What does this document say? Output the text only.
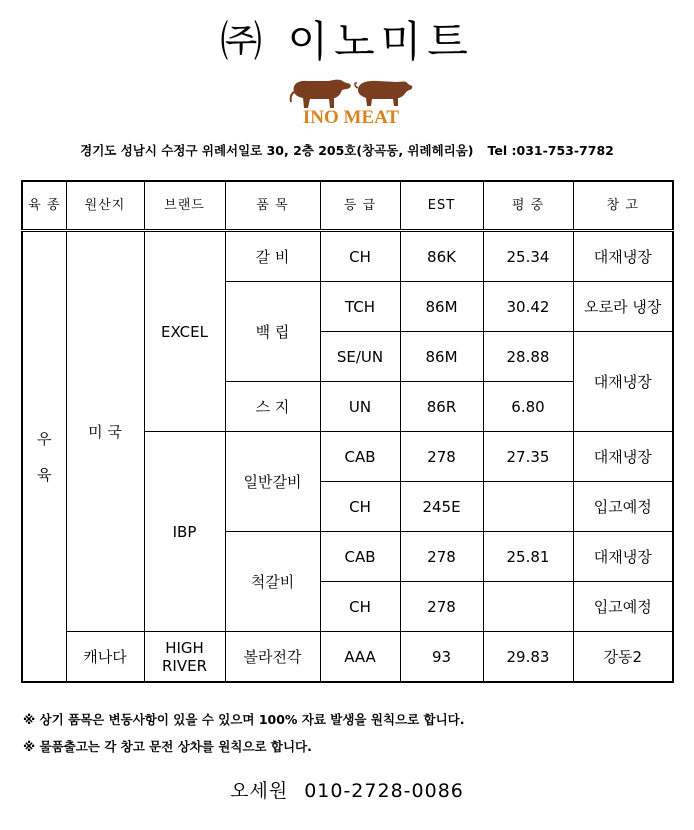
㈜ 이노미트
INO MEAT
경기도 성남시 수정구 위례서일로 30, 2층 205호(창곡동, 위례헤리움) Tel :031-753-7782
육 종	원산지	브랜드	품 목	등 급	EST	평 중	창 고
우

육	미 국	EXCEL	갈 비	CH	86K	25.34	대재냉장
			백 립	TCH	86M	30.42	오로라 냉장
				SE/UN	86M	28.88	대재냉장
			스 지	UN	86R	6.80	
		IBP	일반갈비	CAB	278	27.35	대재냉장
				CH	245E		입고예정
			척갈비	CAB	278	25.81	대재냉장
				CH	278		입고예정
	캐나다	HIGH RIVER	볼라전각	AAA	93	29.83	강동2
※ 상기 품목은 변동사항이 있을 수 있으며 100% 자료 발생을 원칙으로 합니다.
※ 물품출고는 각 창고 문전 상차를 원칙으로 합니다.
오세원 010-2728-0086
